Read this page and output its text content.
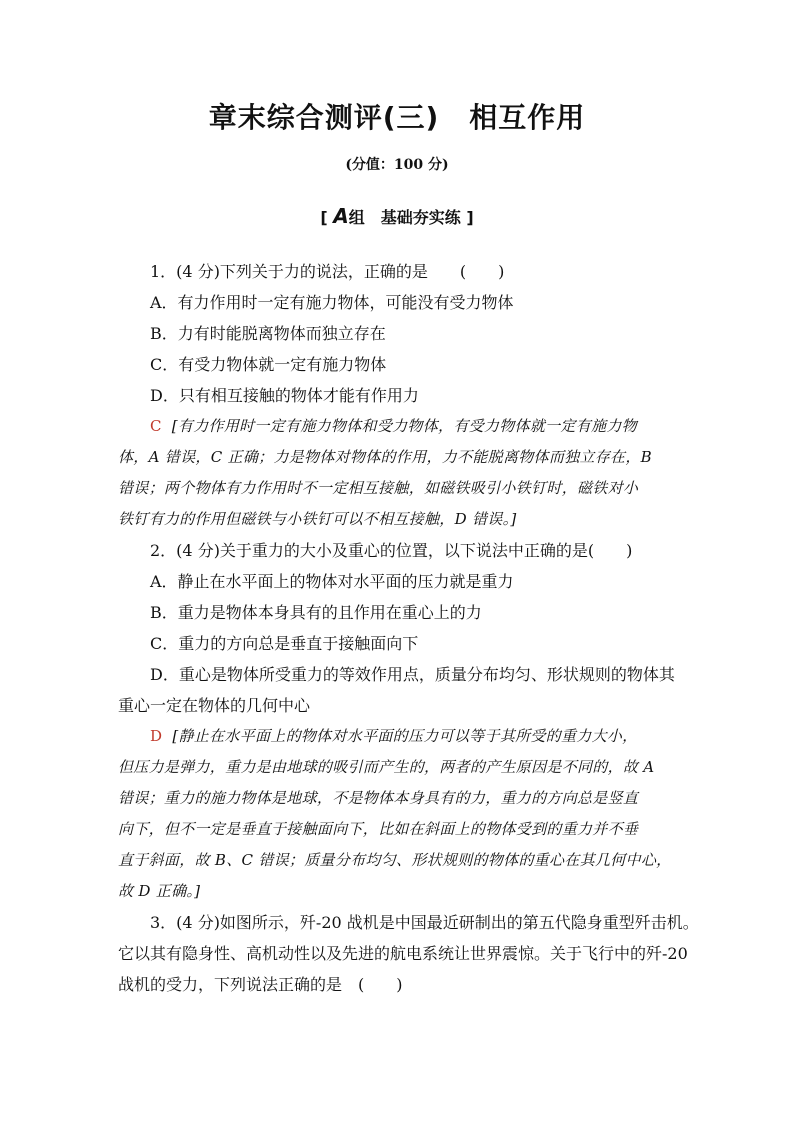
章末综合测评(三) 相互作用
(分值：100 分)
[ A组　基础夯实练 ]
1．(4 分)下列关于力的说法，正确的是　　(　　)
A．有力作用时一定有施力物体，可能没有受力物体
B．力有时能脱离物体而独立存在
C．有受力物体就一定有施力物体
D．只有相互接触的物体才能有作用力
C [有力作用时一定有施力物体和受力物体，有受力物体就一定有施力物
体，A 错误，C 正确；力是物体对物体的作用，力不能脱离物体而独立存在，B
错误；两个物体有力作用时不一定相互接触，如磁铁吸引小铁钉时，磁铁对小
铁钉有力的作用但磁铁与小铁钉可以不相互接触，D 错误。]
2．(4 分)关于重力的大小及重心的位置，以下说法中正确的是(　　)
A．静止在水平面上的物体对水平面的压力就是重力
B．重力是物体本身具有的且作用在重心上的力
C．重力的方向总是垂直于接触面向下
D．重心是物体所受重力的等效作用点，质量分布均匀、形状规则的物体其
重心一定在物体的几何中心
D [静止在水平面上的物体对水平面的压力可以等于其所受的重力大小，
但压力是弹力，重力是由地球的吸引而产生的，两者的产生原因是不同的，故 A
错误；重力的施力物体是地球，不是物体本身具有的力，重力的方向总是竖直
向下，但不一定是垂直于接触面向下，比如在斜面上的物体受到的重力并不垂
直于斜面，故 B、C 错误；质量分布均匀、形状规则的物体的重心在其几何中心，
故 D 正确。]
3．(4 分)如图所示，歼-20 战机是中国最近研制出的第五代隐身重型歼击机。
它以其有隐身性、高机动性以及先进的航电系统让世界震惊。关于飞行中的歼-20
战机的受力，下列说法正确的是　(　　)
